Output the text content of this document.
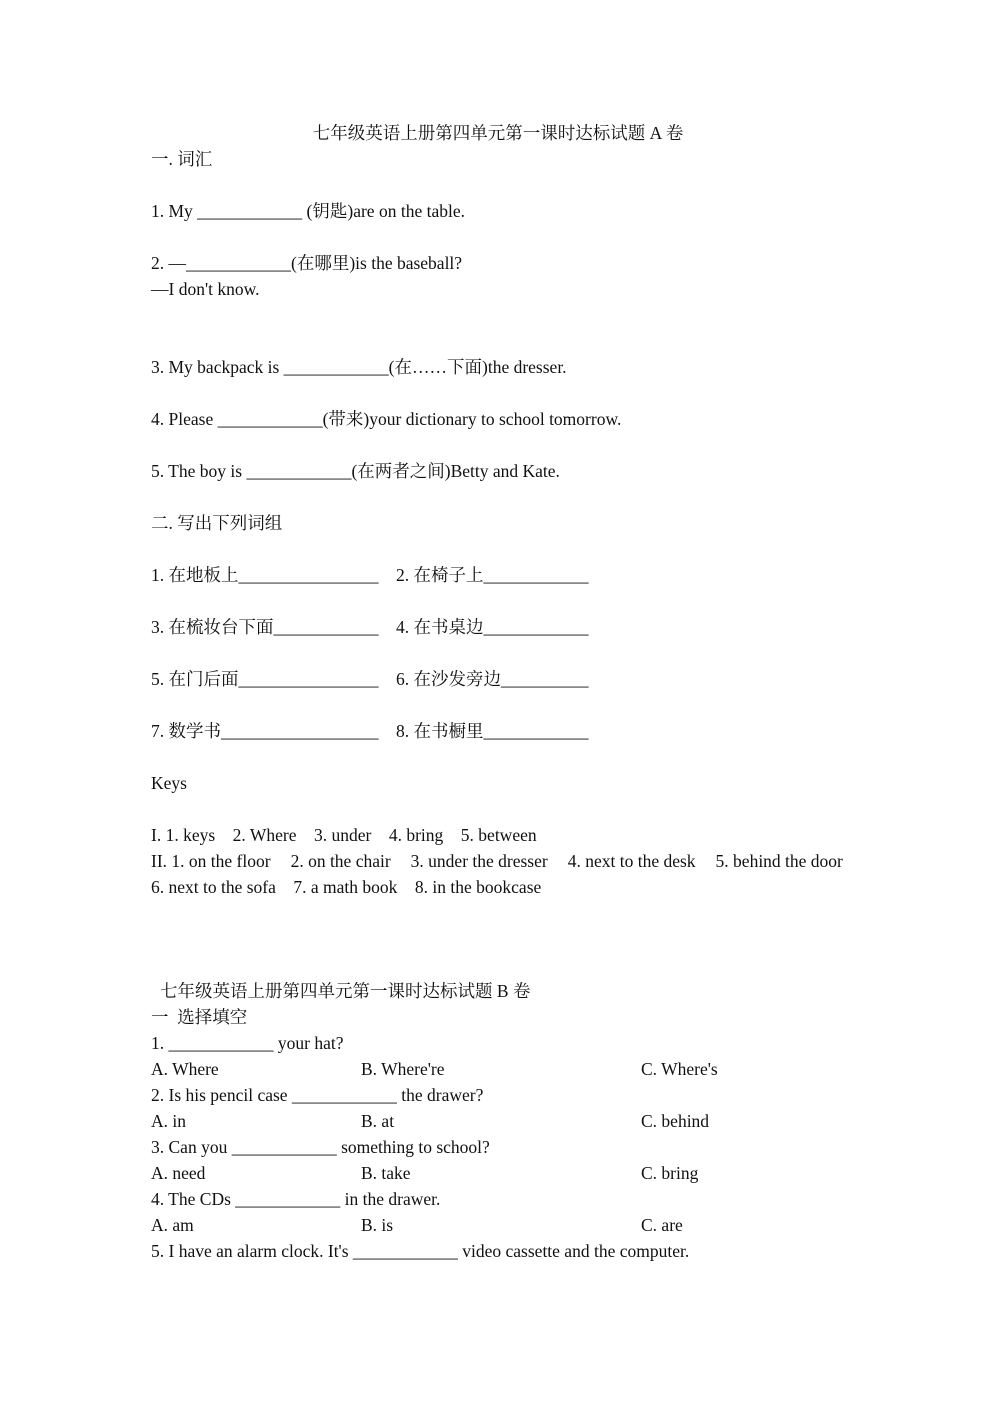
七年级英语上册第四单元第一课时达标试题 A 卷
一. 词汇
1. My ____________ (钥匙)are on the table.
2. —____________(在哪里)is the baseball?
—I don't know.
3. My backpack is ____________(在……下面)the dresser.
4. Please ____________(带来)your dictionary to school tomorrow.
5. The boy is ____________(在两者之间)Betty and Kate.
二. 写出下列词组
1. 在地板上________________	2. 在椅子上____________
3. 在梳妆台下面____________	4. 在书桌边____________
5. 在门后面________________	6. 在沙发旁边__________
7. 数学书__________________	8. 在书橱里____________
Keys
I. 1. keys 2. Where 3. under 4. bring 5. between
II. 1. on the floor 2. on the chair 3. under the dresser 4. next to the desk 5. behind the door
6. next to the sofa 7. a math book 8. in the bookcase
七年级英语上册第四单元第一课时达标试题 B 卷
一  选择填空
1. ____________ your hat?
A. Where	B. Where're	C. Where's
2. Is his pencil case ____________ the drawer?
A. in	B. at	C. behind
3. Can you ____________ something to school?
A. need	B. take	C. bring
4. The CDs ____________ in the drawer.
A. am	B. is	C. are
5. I have an alarm clock. It's ____________ video cassette and the computer.
